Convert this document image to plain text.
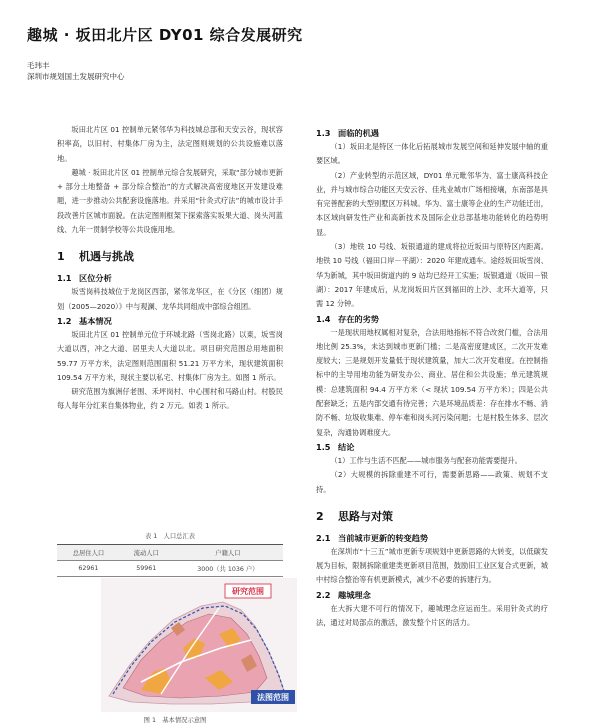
趣城 · 坂田北片区 DY01 综合发展研究
毛玮丰
深圳市规划国土发展研究中心

坂田北片区 01 控制单元紧邻华为科技城总部和天安云谷，现状容积率高，以旧村、村集体厂房为主，法定图则规划的公共设施难以落地。

趣城 · 坂田北片区 01 控制单元综合发展研究，采取“部分城市更新 + 部分土地整备 + 部分综合整治”的方式解决高密度地区开发建设难题，进一步推动公共配套设施落地。并采用“针灸式疗法”的城市设计手段改善片区城市面貌。在法定图则框架下探索落实坂果大道、岗头河蓝线、九年一贯制学校等公共设施用地。

1 机遇与挑战
1.1 区位分析

坂雪岗科技城位于龙岗区西部，紧邻龙华区，在《分区（细团）规划（2005—2020）》中与观澜、龙华共同组成中部综合组团。

1.2 基本情况

坂田北片区 01 控制单元位于环城北路（雪岗北路）以東，坂雪岗大道以西，冲之大道、居里夫人大道以北。项目研究范围总用地面积 59.77 万平方米，法定图则范围面积 51.21 万平方米，现状建筑面积 109.54 万平方米，现状主要以私宅、村集体厂房为主。如图 1 所示。

研究范围为旗洲仔老围、禾坪岗村、中心围村和马路山村。村股民每人每年分红来自集体物业，约 2 万元。如表 1 所示。

表 1　人口总汇表
总居住人口	流动人口	户籍人口
62961	59961	3000（共 1036 户）
研究范围
法图范围
图 1　基本情况示意图
1.3 面临的机遇

（1）坂田北是特区一体化后拓展城市发展空间和延伸发展中轴的重要区域。

（2）产业转型的示范区域，DY01 单元毗邻华为、富士康高科技企业，并与城市综合功能区天安云谷、佳兆业城市广场相接壤，东南部是具有完善配套的大型别墅区万科城。华为、富士康等企业的生产功能迁出，本区域向研发性产业和高新技术及国际企业总部基地功能转化的趋势明显。

（3）地铁 10 号线、坂银通道的建成将拉近坂田与原特区内距离。地铁 10 号线（福田口岸－平湖）：2020 年建成通车。途经坂田坂雪岗、华为新城，其中坂田街道内的 9 站均已经开工实施；坂银通道（坂田－银湖）：2017 年建成后，从龙岗坂田片区到福田的上沙、北环大道等，只需 12 分钟。

1.4 存在的劣势

一是现状用地权属相对复杂，合法用地指标不符合改赏门槛，合法用地比例 25.3%，未达到城市更新门槛；二是高密度建成区，二次开发难度较大；三是规划开发量低于现状建筑量，加大二次开发难度。在控制指标中的主导用地功能为研发办公、商业、居住和公共设施；单元建筑规模：总建筑面积 94.4 万平方米（< 现状 109.54 万平方米）；四是公共配套缺乏；五是内部交通有待完善；六是环境品质差：存在排水不畅、消防不畅、垃圾收集难、停车难和岗头河污染问题；七是村股生体多、层次复杂，沟通协调难度大。

1.5 结论

（1）工作与生活不匹配——城市服务与配套功能需要提升。

（2）大规模的拆除重建不可行，需要新思路——政策、规划不支持。

2 思路与对策
2.1 当前城市更新的转变趋势

在深圳市“十三五”城市更新专项规划中更新思路的大转变，以低碳发展为目标，限制拆除重建类更新项目范围，鼓励旧工业区复合式更新，城中村综合整治等有机更新模式，减少不必要的拆建行为。

2.2 趣城理念

在大拆大建不可行的情况下，趣城理念应运而生。采用针灸式的疗法，通过对局部点的激活，激发整个片区的活力。
